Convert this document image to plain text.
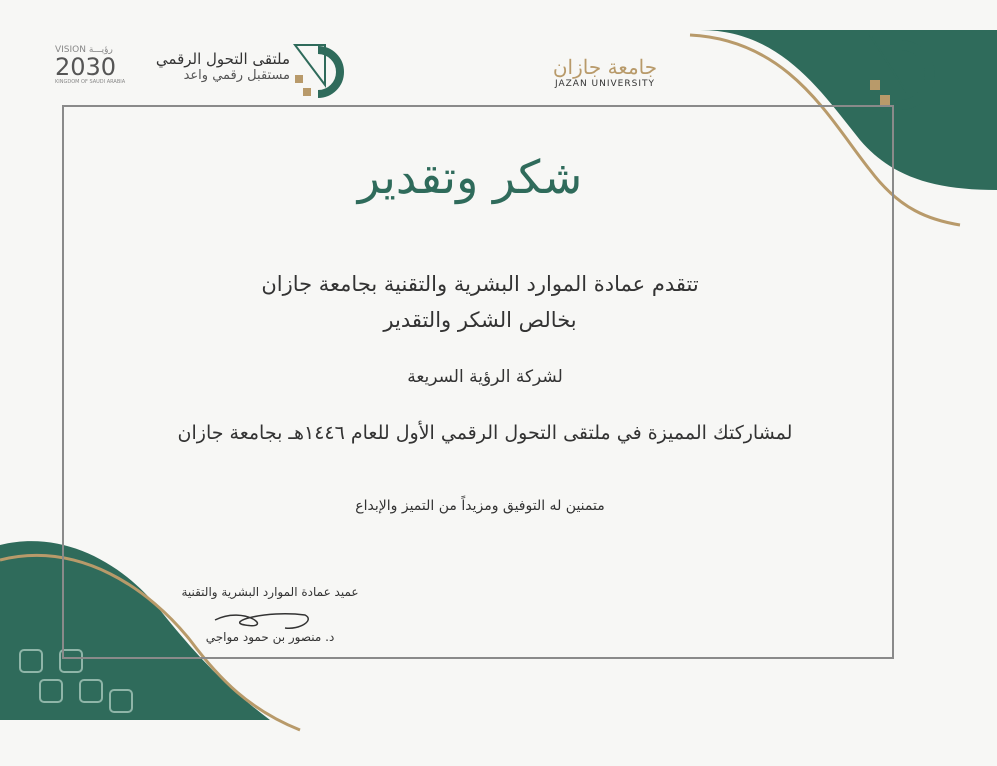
VISION رؤيـــة
2030
KINGDOM OF SAUDI ARABIA
ملتقى التحول الرقمي
مستقبل رقمي واعد	جامعة جازان
JAZAN UNIVERSITY
شكر وتقدير
تتقدم عمادة الموارد البشرية والتقنية بجامعة جازان
بخالص الشكر والتقدير
لشركة الرؤية السريعة
لمشاركتك المميزة في ملتقى التحول الرقمي الأول للعام ١٤٤٦هـ بجامعة جازان
متمنين له التوفيق ومزيداً من التميز والإبداع
عميد عمادة الموارد البشرية والتقنية
د. منصور بن حمود مواجي
